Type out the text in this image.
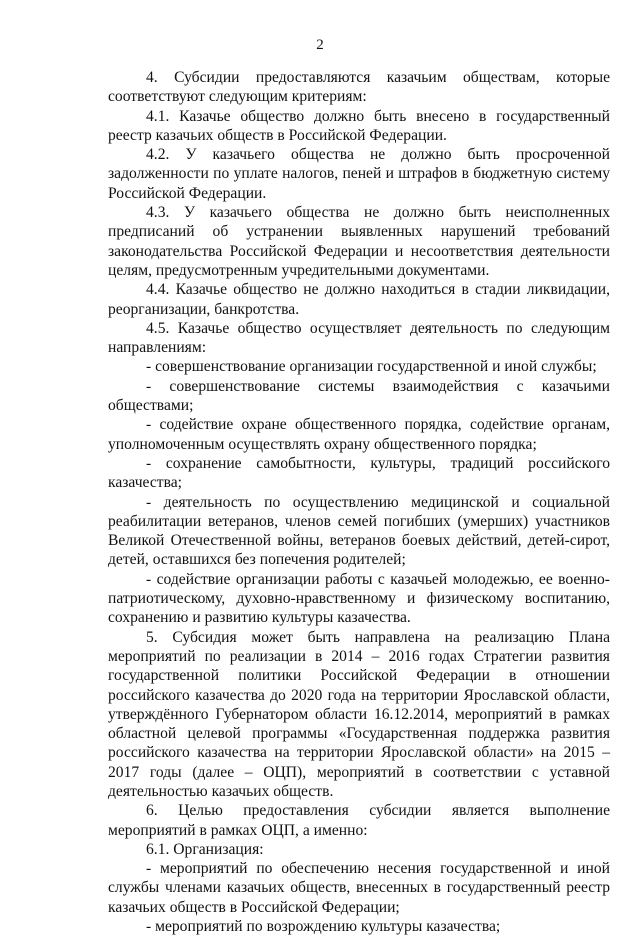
2

4. Субсидии предоставляются казачьим обществам, которые соответствуют следующим критериям:

4.1. Казачье общество должно быть внесено в государственный реестр казачьих обществ в Российской Федерации.

4.2. У казачьего общества не должно быть просроченной задолженности по уплате налогов, пеней и штрафов в бюджетную систему Российской Федерации.

4.3. У казачьего общества не должно быть неисполненных предписаний об устранении выявленных нарушений требований законодательства Российской Федерации и несоответствия деятельности целям, предусмотренным учредительными документами.

4.4. Казачье общество не должно находиться в стадии ликвидации, реорганизации, банкротства.

4.5. Казачье общество осуществляет деятельность по следующим направлениям:

- совершенствование организации государственной и иной службы;

- совершенствование системы взаимодействия с казачьими обществами;

- содействие охране общественного порядка, содействие органам, уполномоченным осуществлять охрану общественного порядка;

- сохранение самобытности, культуры, традиций российского казачества;

- деятельность по осуществлению медицинской и социальной реабилитации ветеранов, членов семей погибших (умерших) участников Великой Отечественной войны, ветеранов боевых действий, детей-сирот, детей, оставшихся без попечения родителей;

- содействие организации работы с казачьей молодежью, ее военно-патриотическому, духовно-нравственному и физическому воспитанию, сохранению и развитию культуры казачества.

5. Субсидия может быть направлена на реализацию Плана мероприятий по реализации в 2014 – 2016 годах Стратегии развития государственной политики Российской Федерации в отношении российского казачества до 2020 года на территории Ярославской области, утверждённого Губернатором области 16.12.2014, мероприятий в рамках областной целевой программы «Государственная поддержка развития российского казачества на территории Ярославской области» на 2015 – 2017 годы (далее – ОЦП), мероприятий в соответствии с уставной деятельностью казачьих обществ.

6. Целью предоставления субсидии является выполнение мероприятий в рамках ОЦП, а именно:

6.1. Организация:

- мероприятий по обеспечению несения государственной и иной службы членами казачьих обществ, внесенных в государственный реестр казачьих обществ в Российской Федерации;

- мероприятий по возрождению культуры казачества;
